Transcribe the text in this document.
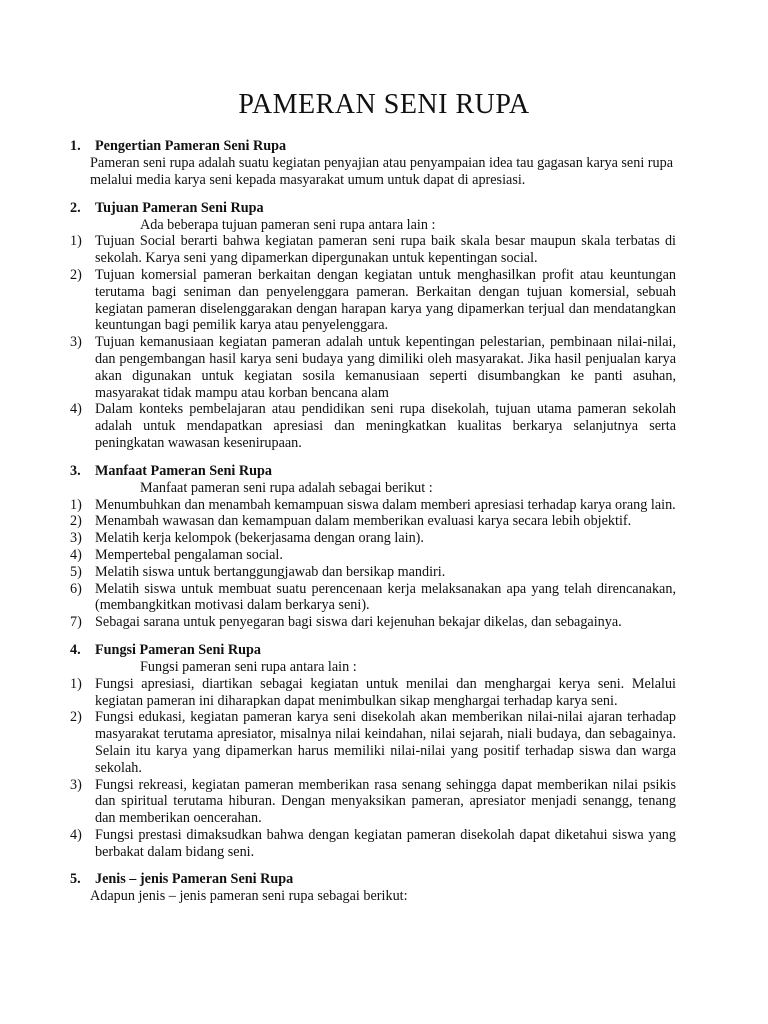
PAMERAN SENI RUPA
1.	Pengertian Pameran Seni Rupa
Pameran seni rupa adalah suatu kegiatan penyajian atau penyampaian idea tau gagasan karya seni rupa melalui media karya seni kepada masyarakat umum untuk dapat di apresiasi.
2.	Tujuan Pameran Seni Rupa
Ada beberapa tujuan pameran seni rupa antara lain :
1) Tujuan Social berarti bahwa kegiatan pameran seni rupa baik skala besar maupun skala terbatas di sekolah. Karya seni yang dipamerkan dipergunakan untuk kepentingan social.
2) Tujuan komersial pameran berkaitan dengan kegiatan untuk menghasilkan profit atau keuntungan terutama bagi seniman dan penyelenggara pameran. Berkaitan dengan tujuan komersial, sebuah kegiatan pameran diselenggarakan dengan harapan karya yang dipamerkan terjual dan mendatangkan keuntungan bagi pemilik karya atau penyelenggara.
3) Tujuan kemanusiaan kegiatan pameran adalah untuk kepentingan pelestarian, pembinaan nilai-nilai, dan pengembangan hasil karya seni budaya yang dimiliki oleh masyarakat. Jika hasil penjualan karya akan digunakan untuk kegiatan sosila kemanusiaan seperti disumbangkan ke panti asuhan, masyarakat tidak mampu atau korban bencana alam
4) Dalam konteks pembelajaran atau pendidikan seni rupa disekolah, tujuan utama pameran sekolah adalah untuk mendapatkan apresiasi dan meningkatkan kualitas berkarya selanjutnya serta peningkatan wawasan kesenirupaan.
3.	Manfaat Pameran Seni Rupa
Manfaat pameran seni rupa adalah sebagai berikut :
1) Menumbuhkan dan menambah kemampuan siswa dalam memberi apresiasi terhadap karya orang lain.
2) Menambah wawasan dan kemampuan dalam memberikan evaluasi karya secara lebih objektif.
3) Melatih kerja kelompok (bekerjasama dengan orang lain).
4) Mempertebal pengalaman social.
5) Melatih siswa untuk bertanggungjawab dan bersikap mandiri.
6) Melatih siswa untuk membuat suatu perencenaan kerja melaksanakan apa yang telah direncanakan, (membangkitkan motivasi dalam berkarya seni).
7) Sebagai sarana untuk penyegaran bagi siswa dari kejenuhan bekajar dikelas, dan sebagainya.
4.	Fungsi Pameran Seni Rupa
Fungsi pameran seni rupa antara lain :
1) Fungsi apresiasi, diartikan sebagai kegiatan untuk menilai dan menghargai kerya seni. Melalui kegiatan pameran ini diharapkan dapat menimbulkan sikap menghargai terhadap karya seni.
2) Fungsi edukasi, kegiatan pameran karya seni disekolah akan memberikan nilai-nilai ajaran terhadap masyarakat terutama apresiator, misalnya nilai keindahan, nilai sejarah, niali budaya, dan sebagainya. Selain itu karya yang dipamerkan harus memiliki nilai-nilai yang positif terhadap siswa dan warga sekolah.
3) Fungsi rekreasi, kegiatan pameran memberikan rasa senang sehingga dapat memberikan nilai psikis dan spiritual terutama hiburan. Dengan menyaksikan pameran, apresiator menjadi senangg, tenang dan memberikan oencerahan.
4) Fungsi prestasi dimaksudkan bahwa dengan kegiatan pameran disekolah dapat diketahui siswa yang berbakat dalam bidang seni.
5.	Jenis – jenis Pameran Seni Rupa
Adapun jenis – jenis pameran seni rupa sebagai berikut:
